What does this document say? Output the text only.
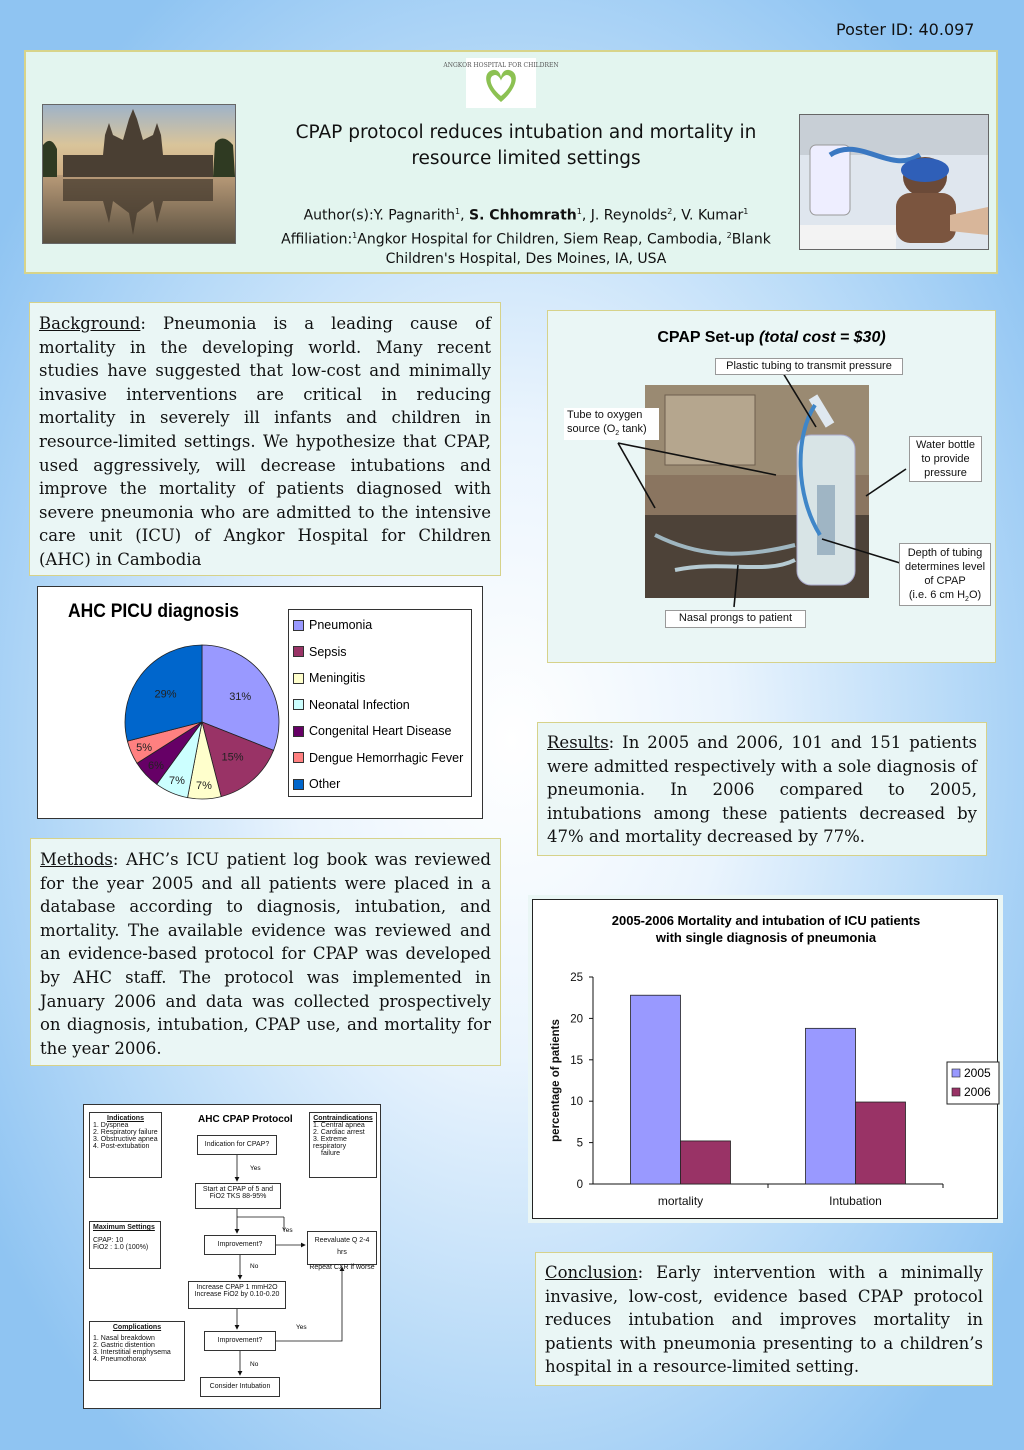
Poster ID: 40.097
ANGKOR HOSPITAL FOR CHILDREN
CPAP protocol reduces intubation and mortality in
resource limited settings
Author(s):Y. Pagnarith$^1$, S. Chhomrath$^1$, J. Reynolds$^2$, V. Kumar$^1$
Affiliation:$^1$Angkor Hospital for Children, Siem Reap, Cambodia, $^2$Blank
Children's Hospital, Des Moines, IA, USA
Background: Pneumonia is a leading cause of mortality in the developing world. Many recent studies have suggested that low-cost and minimally invasive interventions are critical in reducing mortality in severely ill infants and children in resource-limited settings. We hypothesize that CPAP, used aggressively, will decrease intubations and improve the mortality of patients diagnosed with severe pneumonia who are admitted to the intensive care unit (ICU) of Angkor Hospital for Children (AHC) in Cambodia
AHC PICU diagnosis
31%
15%
7%
7%
6%
5%
29%
Pneumonia
Sepsis
Meningitis
Neonatal Infection
Congenital Heart Disease
Dengue Hemorrhagic Fever
Other
Methods: AHC’s ICU patient log book was reviewed for the year 2005 and all patients were placed in a database according to diagnosis, intubation, and mortality. The available evidence was reviewed and an evidence-based protocol for CPAP was developed by AHC staff. The protocol was implemented in January 2006 and data was collected prospectively on diagnosis, intubation, CPAP use, and mortality for the year 2006.
CPAP Set-up (total cost = $30)
Plastic tubing to transmit pressure
Tube to oxygen
source ($O_2$ tank)
Water bottle to provide pressure
Depth of tubing determines level of CPAP
(i.e. 6 cm $H_2O$)
Nasal prongs to patient
Results: In 2005 and 2006, 101 and 151 patients were admitted respectively with a sole diagnosis of pneumonia. In 2006 compared to 2005, intubations among these patients decreased by 47% and mortality decreased by 77%.
2005-2006 Mortality and intubation of ICU patients
with single diagnosis of pneumonia
0
5
10
15
20
25
percentage of patients
mortality	Intubation
2005
2006
AHC CPAP Protocol
Indications
1. Dyspnea
2. Respiratory failure
3. Obstructive apnea
4. Post-extubation
Contraindications
1. Central apnea
2. Cardiac arrest
3. Extreme respiratory
failure
Maximum Settings
CPAP: 10
FiO2 : 1.0 (100%)
Complications
1. Nasal breakdown
2. Gastric distention
3. Interstitial emphysema
4. Pneumothorax
Indication for CPAP?
Start at CPAP of 5 and FiO2 TKS 88-95%
Improvement?
Reevaluate Q 2-4 hrs
Repeat CXR if worse
Increase CPAP 1 mmH2O
Increase FiO2 by 0.10-0.20
Improvement?
Consider Intubation
Yes
Yes
No
Yes
No
Conclusion: Early intervention with a minimally invasive, low-cost, evidence based CPAP protocol reduces intubation and improves mortality in patients with pneumonia presenting to a children’s hospital in a resource-limited setting.
